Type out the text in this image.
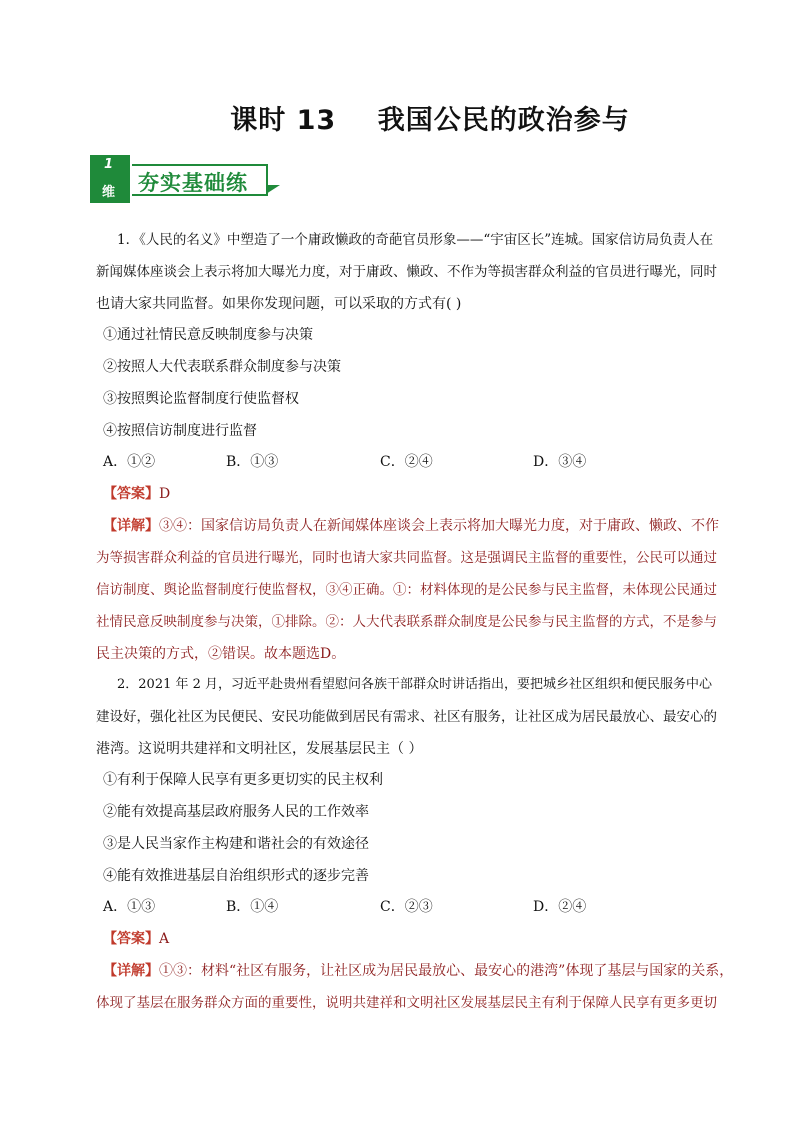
课时 13    我国公民的政治参与
1
维 夯实基础练
1．《人民的名义》中塑造了一个庸政懒政的奇葩官员形象——“宇宙区长”连城。国家信访局负责人在
新闻媒体座谈会上表示将加大曝光力度，对于庸政、懒政、不作为等损害群众利益的官员进行曝光，同时
也请大家共同监督。如果你发现问题，可以采取的方式有( )
①通过社情民意反映制度参与决策
②按照人大代表联系群众制度参与决策
③按照舆论监督制度行使监督权
④按照信访制度进行监督
A．①②	B．①③	C．②④	D．③④
【答案】D
【详解】③④：国家信访局负责人在新闻媒体座谈会上表示将加大曝光力度，对于庸政、懒政、不作
为等损害群众利益的官员进行曝光，同时也请大家共同监督。这是强调民主监督的重要性，公民可以通过
信访制度、舆论监督制度行使监督权，③④正确。①：材料体现的是公民参与民主监督，未体现公民通过
社情民意反映制度参与决策，①排除。②：人大代表联系群众制度是公民参与民主监督的方式，不是参与
民主决策的方式，②错误。故本题选D。
2．2021 年 2 月，习近平赴贵州看望慰问各族干部群众时讲话指出，要把城乡社区组织和便民服务中心
建设好，强化社区为民便民、安民功能做到居民有需求、社区有服务，让社区成为居民最放心、最安心的
港湾。这说明共建祥和文明社区，发展基层民主（ ）
①有利于保障人民享有更多更切实的民主权利
②能有效提高基层政府服务人民的工作效率
③是人民当家作主构建和谐社会的有效途径
④能有效推进基层自治组织形式的逐步完善
A．①③	B．①④	C．②③	D．②④
【答案】A
【详解】①③：材料“社区有服务，让社区成为居民最放心、最安心的港湾”体现了基层与国家的关系，
体现了基层在服务群众方面的重要性，说明共建祥和文明社区发展基层民主有利于保障人民享有更多更切
